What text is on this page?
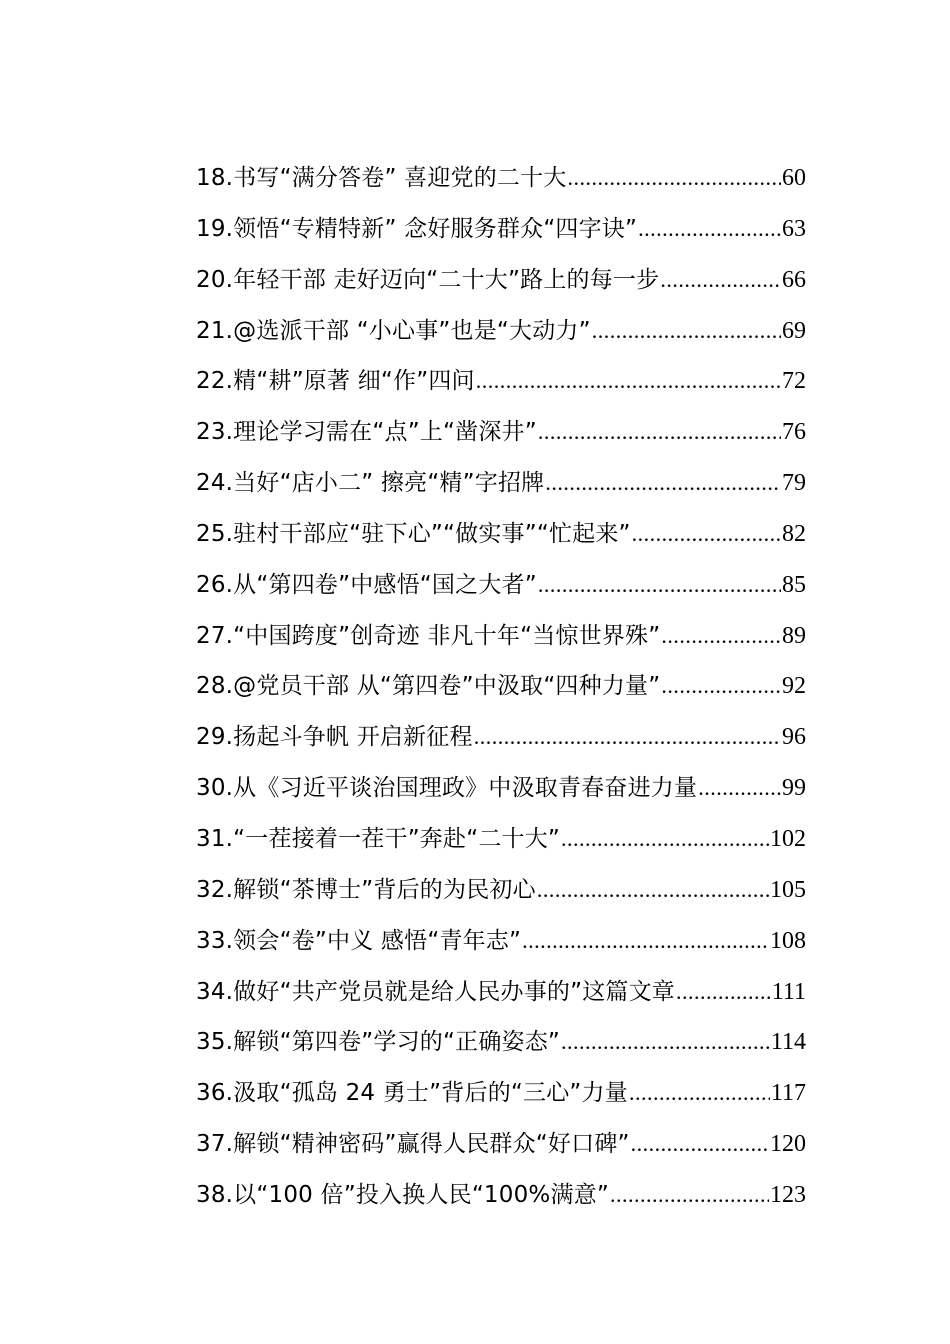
18.书写“满分答卷” 喜迎党的二十大 .....	60
19.领悟“专精特新” 念好服务群众“四字诀” .....	63
20.年轻干部 走好迈向“二十大”路上的每一步 .....	66
21.@选派干部 “小心事”也是“大动力” .....	69
22.精“耕”原著 细“作”四问 .....	72
23.理论学习需在“点”上“凿深井” .....	76
24.当好“店小二” 擦亮“精”字招牌 .....	79
25.驻村干部应“驻下心”“做实事”“忙起来” .....	82
26.从“第四卷”中感悟“国之大者” .....	85
27.“中国跨度”创奇迹 非凡十年“当惊世界殊” .....	89
28.@党员干部 从“第四卷”中汲取“四种力量” .....	92
29.扬起斗争帆 开启新征程 .....	96
30.从《习近平谈治国理政》中汲取青春奋进力量 .....	99
31.“一茬接着一茬干”奔赴“二十大” .....	102
32.解锁“茶博士”背后的为民初心 .....	105
33.领会“卷”中义 感悟“青年志” .....	108
34.做好“共产党员就是给人民办事的”这篇文章 .....	111
35.解锁“第四卷”学习的“正确姿态” .....	114
36.汲取“孤岛 24 勇士”背后的“三心”力量 .....	117
37.解锁“精神密码”赢得人民群众“好口碑” .....	120
38.以“100 倍”投入换人民“100%满意” .....	123
